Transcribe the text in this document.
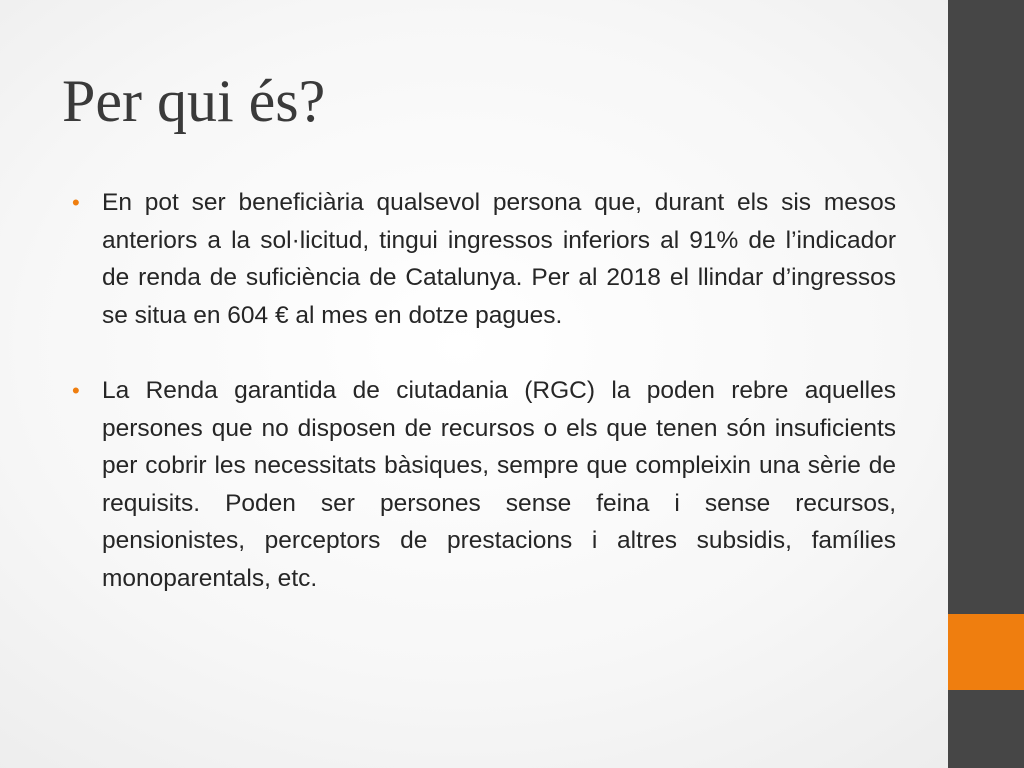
Per qui és?
• En pot ser beneficiària qualsevol persona que, durant els sis mesos anteriors a la sol·licitud, tingui ingressos inferiors al 91% de l’indicador de renda de suficiència de Catalunya. Per al 2018 el llindar d’ingressos se situa en 604 € al mes en dotze pagues.
• La Renda garantida de ciutadania (RGC) la poden rebre aquelles persones que no disposen de recursos o els que tenen són insuficients per cobrir les necessitats bàsiques, sempre que compleixin una sèrie de requisits. Poden ser persones sense feina i sense recursos, pensionistes, perceptors de prestacions i altres subsidis, famílies monoparentals, etc.
